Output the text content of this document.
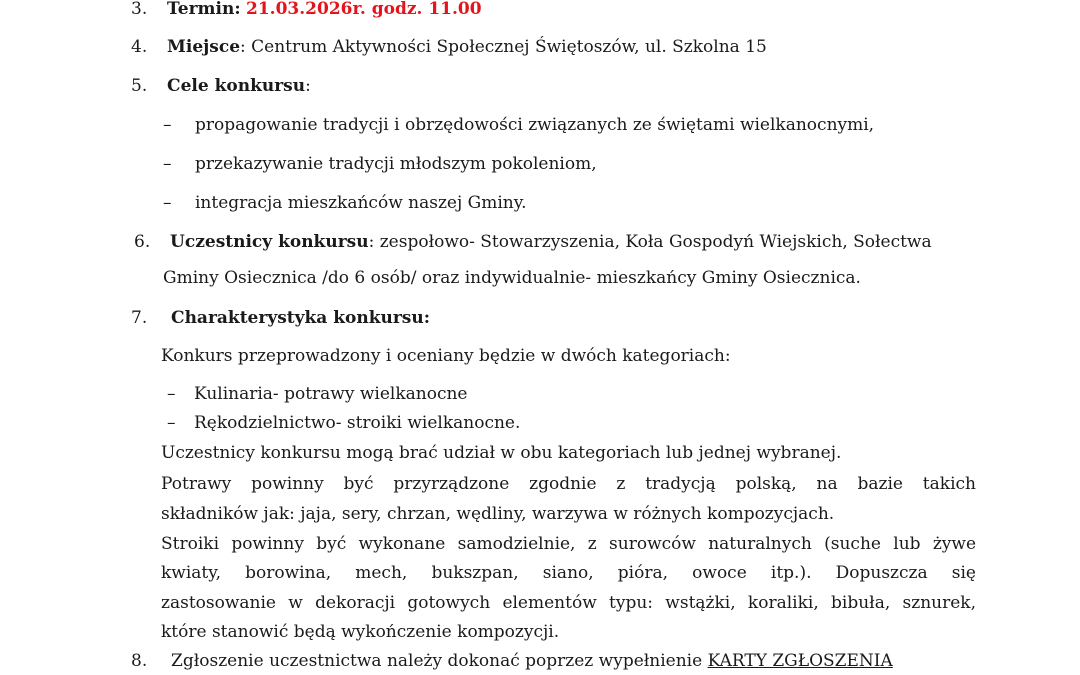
3. Termin: 21.03.2026r. godz. 11.00
4. Miejsce: Centrum Aktywności Społecznej Świętoszów, ul. Szkolna 15
5. Cele konkursu:
– propagowanie tradycji i obrzędowości związanych ze świętami wielkanocnymi,
– przekazywanie tradycji młodszym pokoleniom,
– integracja mieszkańców naszej Gminy.
6. Uczestnicy konkursu: zespołowo- Stowarzyszenia, Koła Gospodyń Wiejskich, Sołectwa
Gminy Osiecznica /do 6 osób/ oraz indywidualnie- mieszkańcy Gminy Osiecznica.
7. Charakterystyka konkursu:
Konkurs przeprowadzony i oceniany będzie w dwóch kategoriach:
– Kulinaria- potrawy wielkanocne
– Rękodzielnictwo- stroiki wielkanocne.
Uczestnicy konkursu mogą brać udział w obu kategoriach lub jednej wybranej.
Potrawy powinny być przyrządzone zgodnie z tradycją polską, na bazie takich
składników jak: jaja, sery, chrzan, wędliny, warzywa w różnych kompozycjach.
Stroiki powinny być wykonane samodzielnie, z surowców naturalnych (suche lub żywe
kwiaty, borowina, mech, bukszpan, siano, pióra, owoce itp.). Dopuszcza się
zastosowanie w dekoracji gotowych elementów typu: wstążki, koraliki, bibuła, sznurek,
które stanowić będą wykończenie kompozycji.
8. Zgłoszenie uczestnictwa należy dokonać poprzez wypełnienie KARTY ZGŁOSZENIA
